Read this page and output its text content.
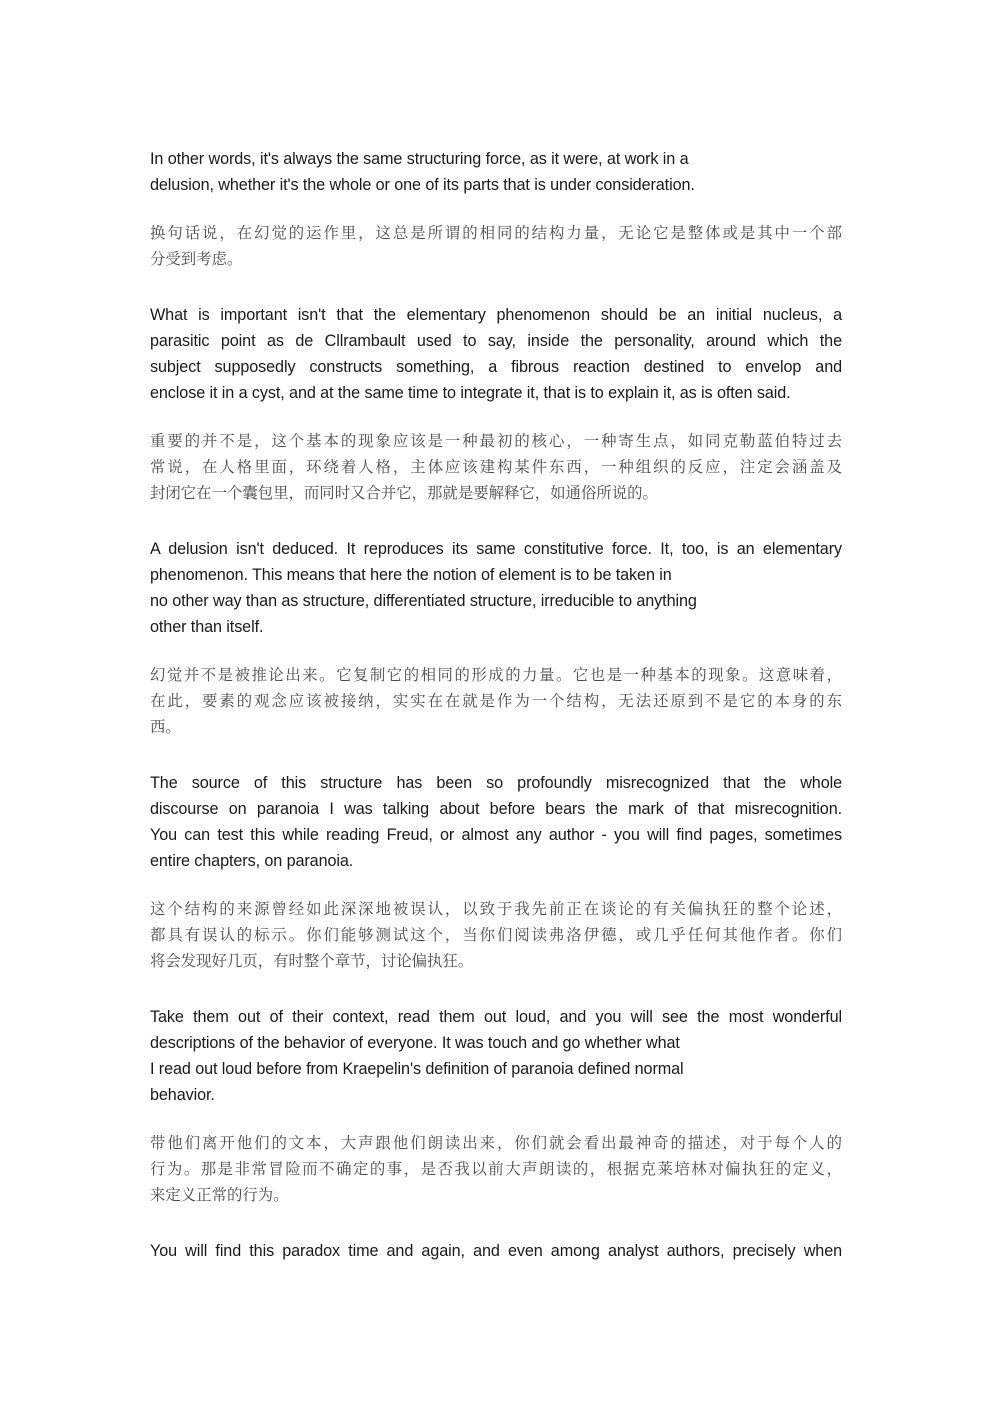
In other words, it's always the same structuring force, as it were, at work in a
delusion, whether it's the whole or one of its parts that is under consideration.

换句话说，在幻觉的运作里，这总是所谓的相同的结构力量，无论它是整体或是其中一个部
分受到考虑。

What is important isn't that the elementary phenomenon should be an initial nucleus, a
parasitic point as de Cllrambault used to say, inside the personality, around which the
subject supposedly constructs something, a fibrous reaction destined to envelop and
enclose it in a cyst, and at the same time to integrate it, that is to explain it, as is often said.

重要的并不是，这个基本的现象应该是一种最初的核心，一种寄生点，如同克勒蓝伯特过去
常说，在人格里面，环绕着人格，主体应该建构某件东西，一种组织的反应，注定会涵盖及
封闭它在一个囊包里，而同时又合并它，那就是要解释它，如通俗所说的。

A delusion isn't deduced. It reproduces its same constitutive force. It, too, is an elementary
phenomenon. This means that here the notion of element is to be taken in
no other way than as structure, differentiated structure, irreducible to anything
other than itself.

幻觉并不是被推论出来。它复制它的相同的形成的力量。它也是一种基本的现象。这意味着，
在此，要素的观念应该被接纳，实实在在就是作为一个结构，无法还原到不是它的本身的东
西。

The source of this structure has been so profoundly misrecognized that the whole
discourse on paranoia I was talking about before bears the mark of that misrecognition.
You can test this while reading Freud, or almost any author - you will find pages, sometimes
entire chapters, on paranoia.

这个结构的来源曾经如此深深地被误认，以致于我先前正在谈论的有关偏执狂的整个论述，
都具有误认的标示。你们能够测试这个，当你们阅读弗洛伊德，或几乎任何其他作者。你们
将会发现好几页，有时整个章节，讨论偏执狂。

Take them out of their context, read them out loud, and you will see the most wonderful
descriptions of the behavior of everyone. It was touch and go whether what
I read out loud before from Kraepelin's definition of paranoia defined normal
behavior.

带他们离开他们的文本，大声跟他们朗读出来，你们就会看出最神奇的描述，对于每个人的
行为。那是非常冒险而不确定的事，是否我以前大声朗读的，根据克莱培林对偏执狂的定义，
来定义正常的行为。

You will find this paradox time and again, and even among analyst authors, precisely when
